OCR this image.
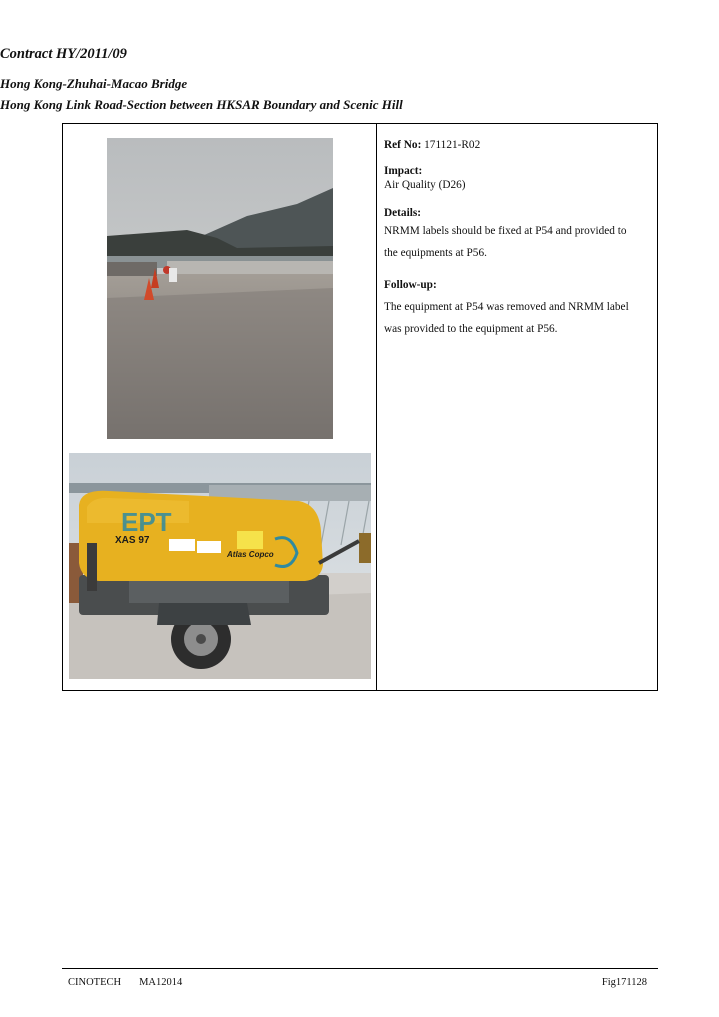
Contract HY/2011/09
Hong Kong-Zhuhai-Macao Bridge
Hong Kong Link Road-Section between HKSAR Boundary and Scenic Hill
EPT
XAS 97
Atlas Copco
Ref No: 171121-R02
Impact:
Air Quality (D26)
Details:
NRMM labels should be fixed at P54 and provided to
the equipments at P56.
Follow-up:
The equipment at P54 was removed and NRMM label
was provided to the equipment at P56.
CINOTECH MA12014	Fig171128
